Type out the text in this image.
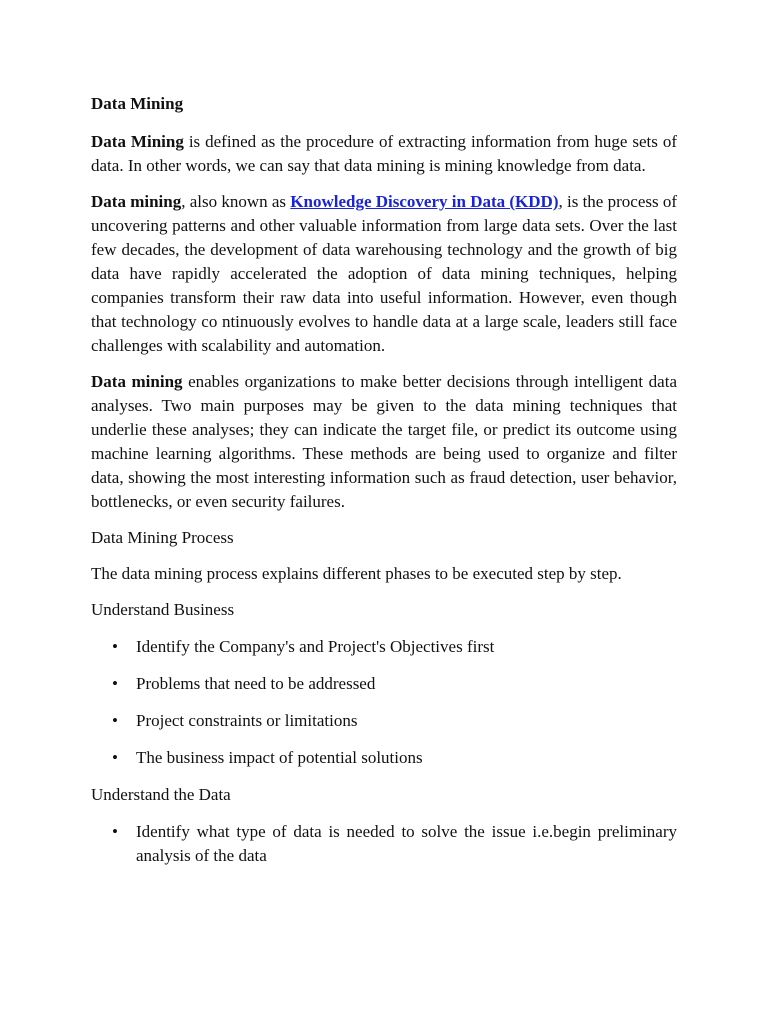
Data Mining

Data Mining is defined as the procedure of extracting information from huge sets of data. In other words, we can say that data mining is mining knowledge from data.

Data mining, also known as Knowledge Discovery in Data (KDD), is the process of uncovering patterns and other valuable information from large data sets. Over the last few decades, the development of data warehousing technology and the growth of big data have rapidly accelerated the adoption of data mining techniques, helping companies transform their raw data into useful information. However, even though that technology co ntinuously evolves to handle data at a large scale, leaders still face challenges with scalability and automation.

Data mining enables organizations to make better decisions through intelligent data analyses. Two main purposes may be given to the data mining techniques that underlie these analyses; they can indicate the target file, or predict its outcome using machine learning algorithms. These methods are being used to organize and filter data, showing the most interesting information such as fraud detection, user behavior, bottlenecks, or even security failures.

Data Mining Process

The data mining process explains different phases to be executed step by step.

Understand Business

• Identify the Company's and Project's Objectives first
• Problems that need to be addressed
• Project constraints or limitations
• The business impact of potential solutions

Understand the Data

• Identify what type of data is needed to solve the issue i.e.begin preliminary analysis of the data
